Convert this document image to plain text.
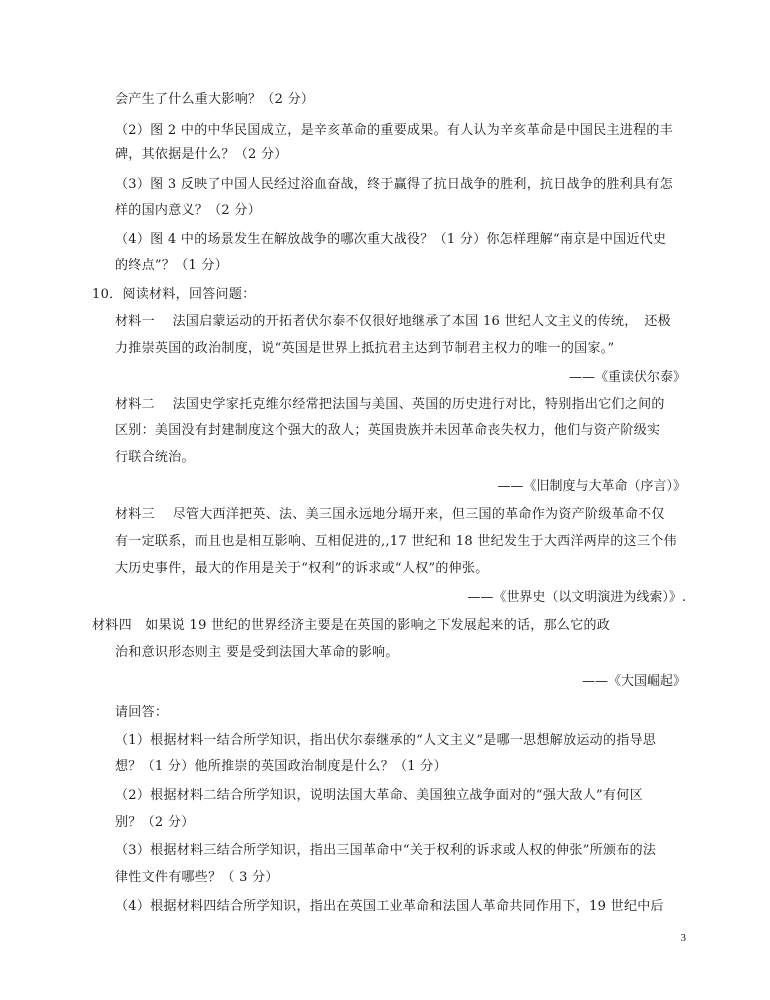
会产生了什么重大影响？（2 分）
（2）图 2 中的中华民国成立，是辛亥革命的重要成果。有人认为辛亥革命是中国民主进程的丰
碑，其依据是什么？（2 分）
（3）图 3 反映了中国人民经过浴血奋战，终于赢得了抗日战争的胜利，抗日战争的胜利具有怎
样的国内意义？（2 分）
（4）图 4 中的场景发生在解放战争的哪次重大战役？（1 分）你怎样理解“南京是中国近代史
的终点”？（1 分）
10．阅读材料，回答问题：
材料一　 法国启蒙运动的开拓者伏尔泰不仅很好地继承了本国 16 世纪人文主义的传统，　还极
力推崇英国的政治制度，说“英国是世界上抵抗君主达到节制君主权力的唯一的国家。”
——《重读伏尔泰》
材料二　 法国史学家托克维尔经常把法国与美国、英国的历史进行对比，特别指出它们之间的
区别：美国没有封建制度这个强大的敌人；英国贵族并未因革命丧失权力，他们与资产阶级实
行联合统治。
——《旧制度与大革命（序言）》
材料三　 尽管大西洋把英、法、美三国永远地分塥开来，但三国的革命作为资产阶级革命不仅
有一定联系，而且也是相互影响、互相促进的,,17 世纪和 18 世纪发生于大西洋两岸的这三个伟
大历史事件，最大的作用是关于“权利”的诉求或“人权”的伸张。
——《世界史（以文明演进为线索）》.
材料四　如果说 19 世纪的世界经济主要是在英国的影响之下发展起来的话，那么它的政
治和意识形态则主 要是受到法国大革命的影响。
——《大国崛起》
请回答：
（1）根据材料一结合所学知识，指出伏尔泰继承的“人文主义”是哪一思想解放运动的指导思
想？（1 分）他所推崇的英国政治制度是什么？（1 分）
（2）根据材料二结合所学知识，说明法国大革命、美国独立战争面对的“强大敌人”有何区
别？（2 分）
（3）根据材料三结合所学知识，指出三国革命中“关于权利的诉求或人权的伸张”所颁布的法
律性文件有哪些？（ 3 分）
（4）根据材料四结合所学知识，指出在英国工业革命和法国人革命共同作用下，19 世纪中后
3
